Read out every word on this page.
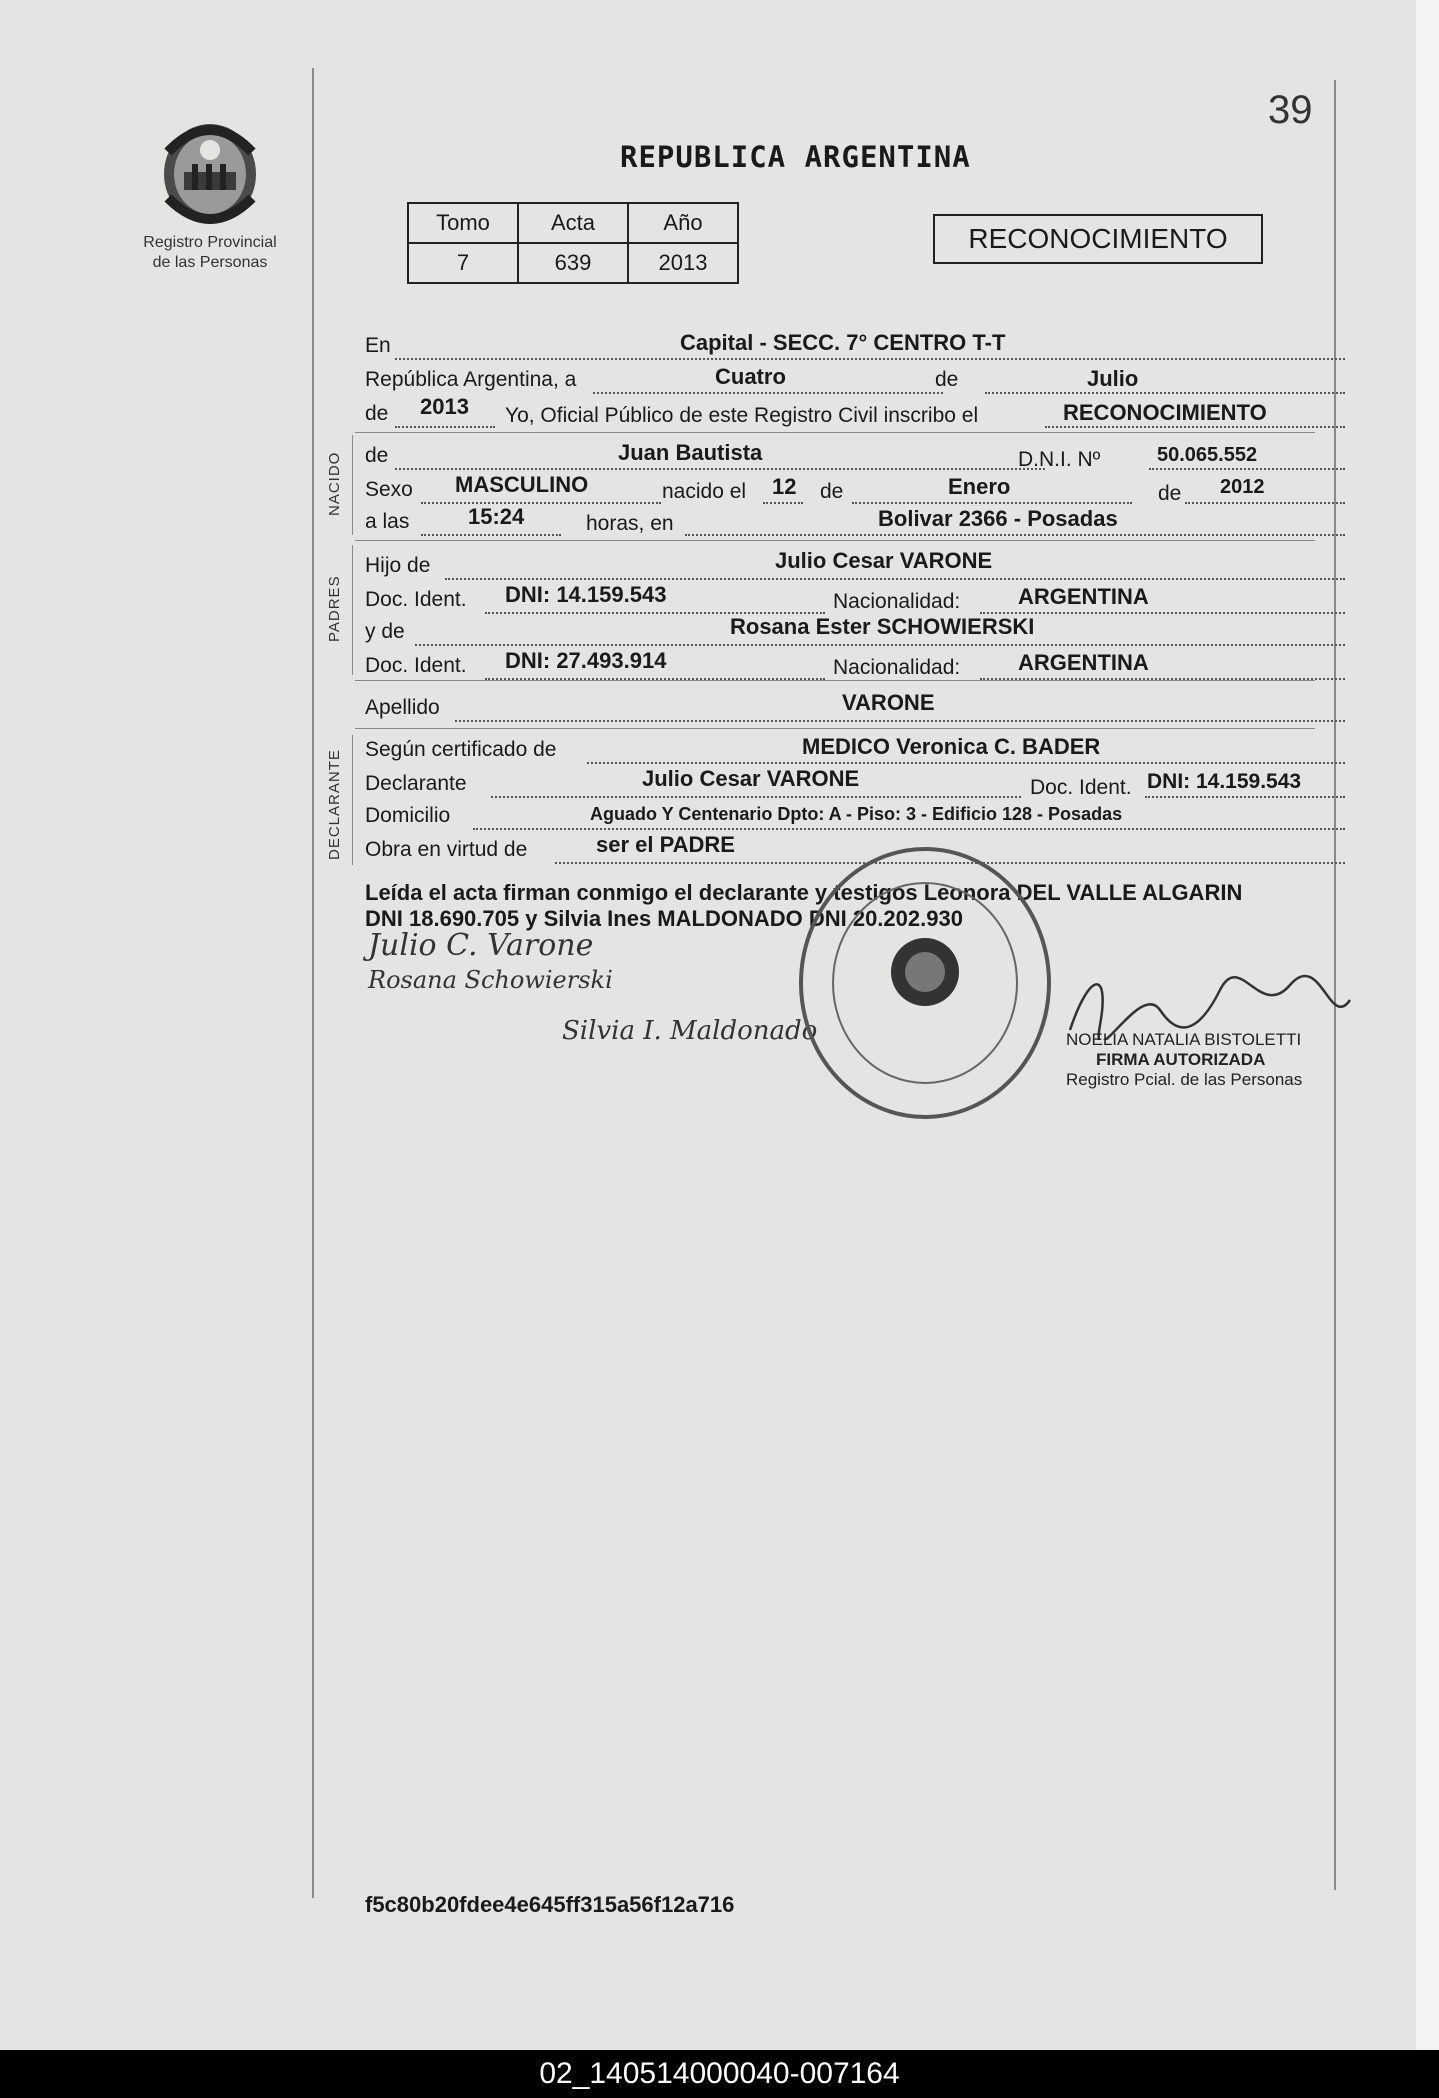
Registro Provincial
de las Personas
39
REPUBLICA ARGENTINA
Tomo	Acta	Año
7	639	2013
RECONOCIMIENTO
NACIDO
PADRES
DECLARANTE
En	Capital - SECC. 7° CENTRO T-T
República Argentina, a	Cuatro	de	Julio
de 2013 Yo, Oficial Público de este Registro Civil inscribo el	RECONOCIMIENTO
de	Juan Bautista	D.N.I. Nº	50.065.552
Sexo MASCULINO	nacido el 12 de	Enero	de 2012
a las	15:24	horas, en	Bolivar 2366 - Posadas
Hijo de	Julio Cesar VARONE
Doc. Ident. DNI: 14.159.543	Nacionalidad:	ARGENTINA
y de	Rosana Ester SCHOWIERSKI
Doc. Ident. DNI: 27.493.914	Nacionalidad:	ARGENTINA
Apellido	VARONE
Según certificado de	MEDICO Veronica C. BADER
Declarante	Julio Cesar VARONE	Doc. Ident. DNI: 14.159.543
Domicilio	Aguado Y Centenario Dpto: A - Piso: 3 - Edificio 128 - Posadas
Obra en virtud de	ser el PADRE
Leída el acta firman conmigo el declarante y testigos Leonora DEL VALLE ALGARIN
DNI 18.690.705 y Silvia Ines MALDONADO DNI 20.202.930
Julio C. Varone
Rosana Schowierski
Silvia I. Maldonado	NOELIA NATALIA BISTOLETTI
FIRMA AUTORIZADA
Registro Pcial. de las Personas
f5c80b20fdee4e645ff315a56f12a716
02_140514000040-007164
